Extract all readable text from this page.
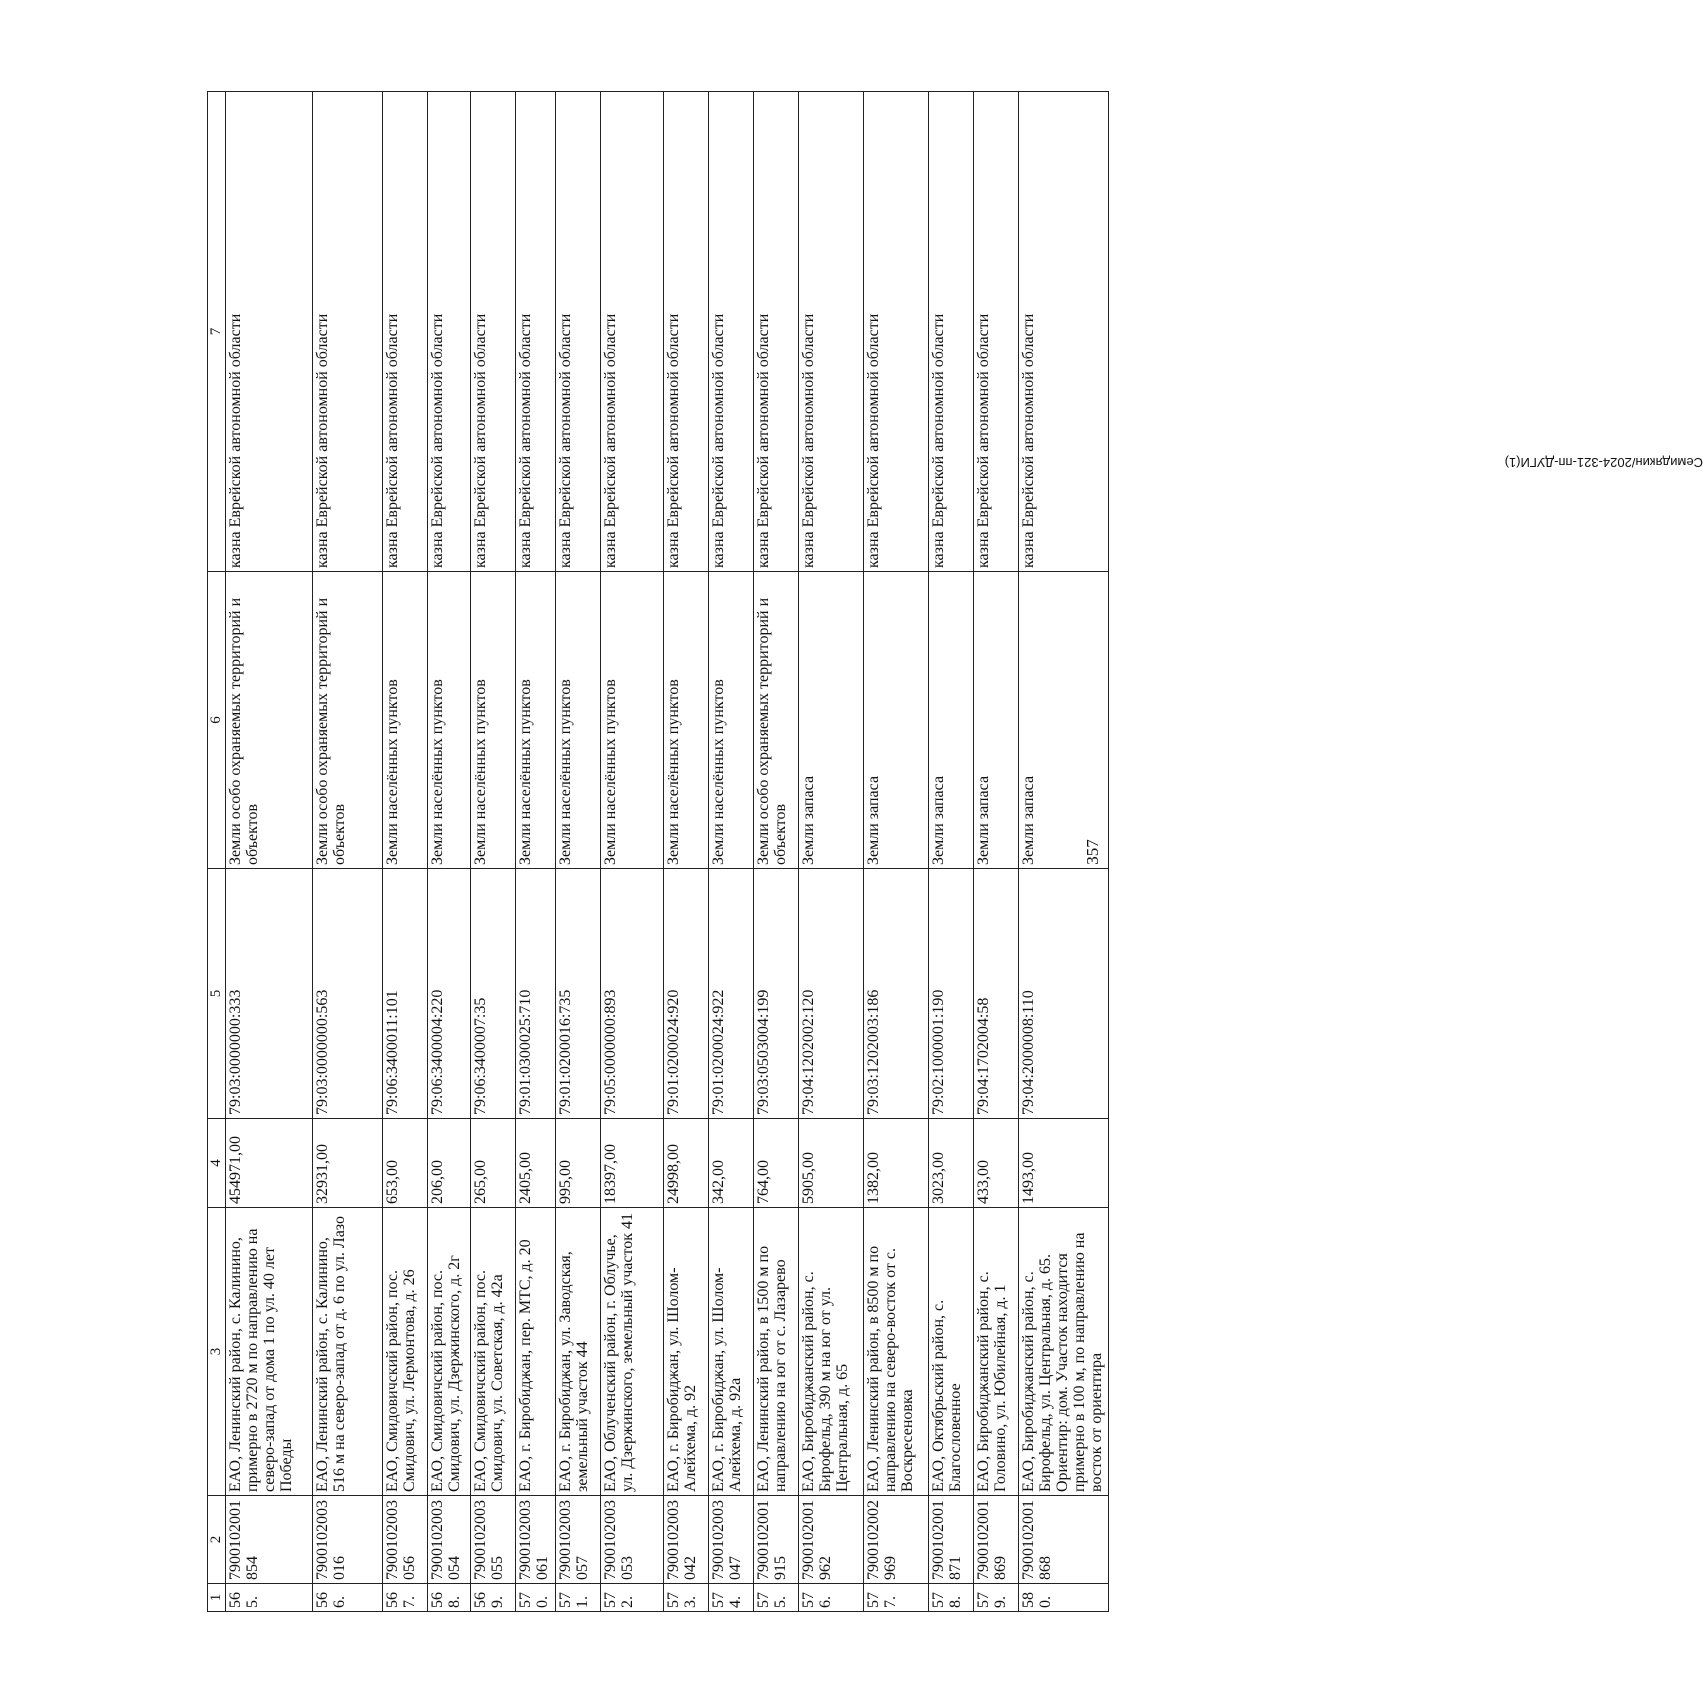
357
1	2	3	4	5	6	7
565.	7900102001854	ЕАО, Ленинский район, с. Калинино, примерно в 2720 м по направлению на северо-запад от дома 1 по ул. 40 лет Победы	454971,00	79:03:0000000:333	Земли особо охраняемых территорий и объектов	казна Еврейской автономной области
566.	7900102003016	ЕАО, Ленинский район, с. Калинино, 516 м на северо-запад от д. 6 по ул. Лазо	32931,00	79:03:0000000:563	Земли особо охраняемых территорий и объектов	казна Еврейской автономной области
567.	7900102003056	ЕАО, Смидовичский район, пос. Смидович, ул. Лермонтова, д. 26	653,00	79:06:3400011:101	Земли населённых пунктов	казна Еврейской автономной области
568.	7900102003054	ЕАО, Смидовичский район, пос. Смидович, ул. Дзержинского, д. 2г	206,00	79:06:3400004:220	Земли населённых пунктов	казна Еврейской автономной области
569.	7900102003055	ЕАО, Смидовичский район, пос. Смидович, ул. Советская, д. 42а	265,00	79:06:3400007:35	Земли населённых пунктов	казна Еврейской автономной области
570.	7900102003061	ЕАО, г. Биробиджан, пер. МТС, д. 20	2405,00	79:01:0300025:710	Земли населённых пунктов	казна Еврейской автономной области
571.	7900102003057	ЕАО, г. Биробиджан, ул. Заводская, земельный участок 44	995,00	79:01:0200016:735	Земли населённых пунктов	казна Еврейской автономной области
572.	7900102003053	ЕАО, Облученский район, г. Облучье, ул. Дзержинского, земельный участок 41	18397,00	79:05:0000000:893	Земли населённых пунктов	казна Еврейской автономной области
573.	7900102003042	ЕАО, г. Биробиджан, ул. Шолом-Алейхема, д. 92	24998,00	79:01:0200024:920	Земли населённых пунктов	казна Еврейской автономной области
574.	7900102003047	ЕАО, г. Биробиджан, ул. Шолом-Алейхема, д. 92а	342,00	79:01:0200024:922	Земли населённых пунктов	казна Еврейской автономной области
575.	7900102001915	ЕАО, Ленинский район, в 1500 м по направлению на юг от с. Лазарево	764,00	79:03:0503004:199	Земли особо охраняемых территорий и объектов	казна Еврейской автономной области
576.	7900102001962	ЕАО, Биробиджанский район, с. Бирофельд, 390 м на юг от ул. Центральная, д. 65	5905,00	79:04:1202002:120	Земли запаса	казна Еврейской автономной области
577.	7900102002969	ЕАО, Ленинский район, в 8500 м по направлению на северо-восток от с. Воскресеновка	1382,00	79:03:1202003:186	Земли запаса	казна Еврейской автономной области
578.	7900102001871	ЕАО, Октябрьский район, с. Благословенное	3023,00	79:02:1000001:190	Земли запаса	казна Еврейской автономной области
579.	7900102001869	ЕАО, Биробиджанский район, с. Головино, ул. Юбилейная, д. 1	433,00	79:04:1702004:58	Земли запаса	казна Еврейской автономной области
580.	7900102001868	ЕАО, Биробиджанский район, с. Бирофельд, ул. Центральная, д. 65. Ориентир: дом. Участок находится примерно в 100 м, по направлению на восток от ориентира	1493,00	79:04:2000008:110	Земли запаса	казна Еврейской автономной области	Семидякин/2024-321-пп-ДУГИ(1)
